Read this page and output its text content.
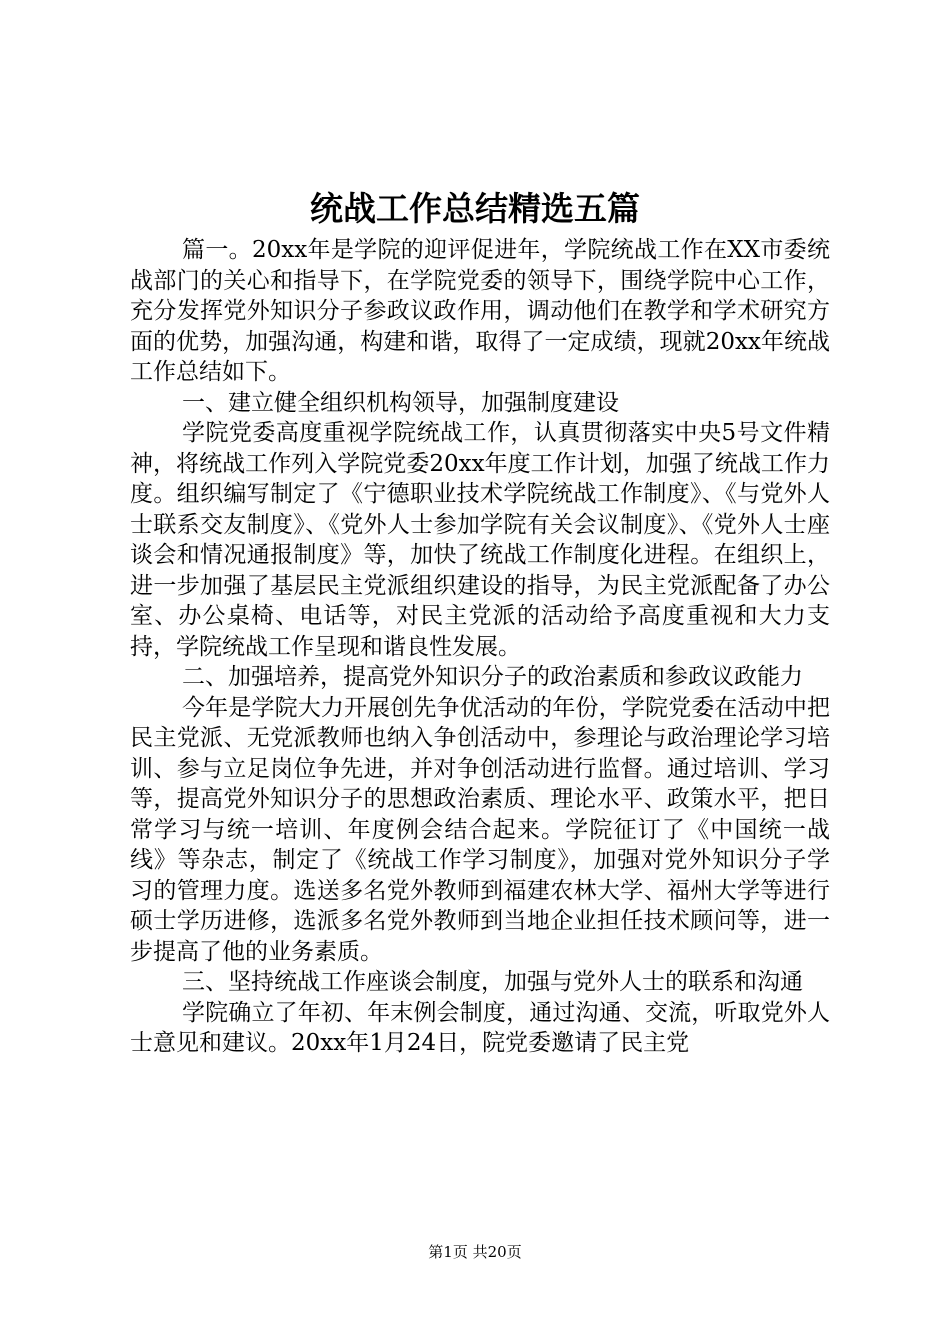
统战工作总结精选五篇

篇一。20xx年是学院的迎评促进年，学院统战工作在XX市委统战部门的关心和指导下，在学院党委的领导下，围绕学院中心工作，充分发挥党外知识分子参政议政作用，调动他们在教学和学术研究方面的优势，加强沟通，构建和谐，取得了一定成绩，现就20xx年统战工作总结如下。

一、建立健全组织机构领导，加强制度建设

学院党委高度重视学院统战工作，认真贯彻落实中央5号文件精神，将统战工作列入学院党委20xx年度工作计划，加强了统战工作力度。组织编写制定了《宁德职业技术学院统战工作制度》、《与党外人士联系交友制度》、《党外人士参加学院有关会议制度》、《党外人士座谈会和情况通报制度》等，加快了统战工作制度化进程。在组织上，进一步加强了基层民主党派组织建设的指导，为民主党派配备了办公室、办公桌椅、电话等，对民主党派的活动给予高度重视和大力支持，学院统战工作呈现和谐良性发展。

二、加强培养，提高党外知识分子的政治素质和参政议政能力

今年是学院大力开展创先争优活动的年份，学院党委在活动中把民主党派、无党派教师也纳入争创活动中，参理论与政治理论学习培训、参与立足岗位争先进，并对争创活动进行监督。通过培训、学习等，提高党外知识分子的思想政治素质、理论水平、政策水平，把日常学习与统一培训、年度例会结合起来。学院征订了《中国统一战线》等杂志，制定了《统战工作学习制度》，加强对党外知识分子学习的管理力度。选送多名党外教师到福建农林大学、福州大学等进行硕士学历进修，选派多名党外教师到当地企业担任技术顾问等，进一步提高了他的业务素质。

三、坚持统战工作座谈会制度，加强与党外人士的联系和沟通

学院确立了年初、年末例会制度，通过沟通、交流，听取党外人士意见和建议。20xx年1月24日，院党委邀请了民主党

第1页 共20页
